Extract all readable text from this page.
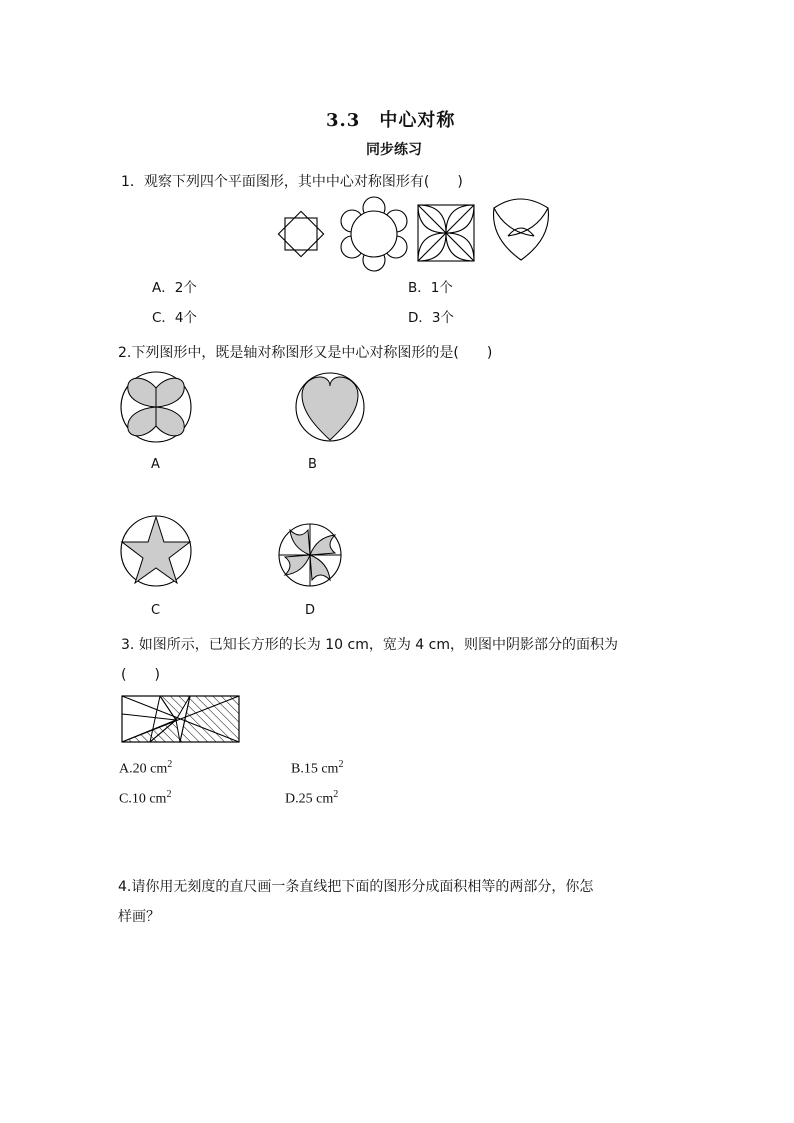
3.3　中心对称
同步练习
1．观察下列四个平面图形，其中中心对称图形有(　　)
A．2个	B．1个
C．4个	D．3个
2.下列图形中，既是轴对称图形又是中心对称图形的是(　　)
A	B
C	D
3. 如图所示，已知长方形的长为 10 cm，宽为 4 cm，则图中阴影部分的面积为
(　　)
A.20 $cm^2$	B.15 $cm^2$
C.10 $cm^2$	D.25 $cm^2$
4.请你用无刻度的直尺画一条直线把下面的图形分成面积相等的两部分，你怎
样画？
